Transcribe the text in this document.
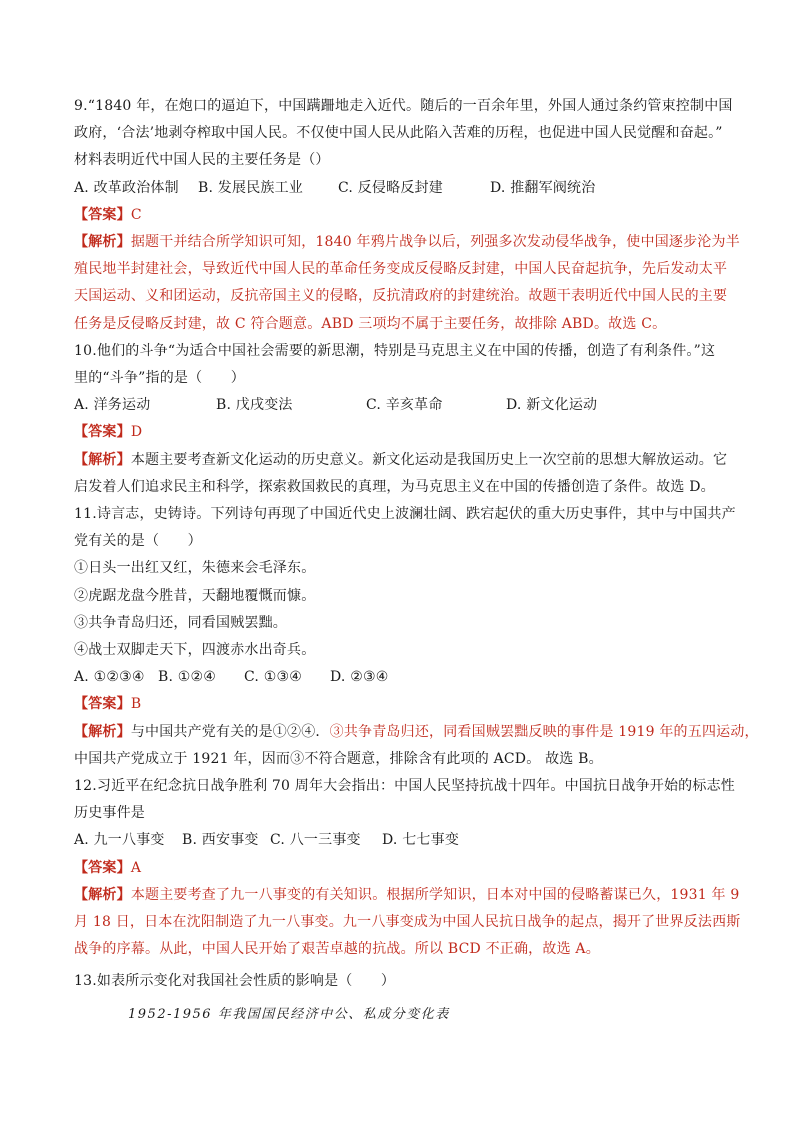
9.“1840 年，在炮口的逼迫下，中国蹒跚地走入近代。随后的一百余年里，外国人通过条约管束控制中国
政府，‘合法’地剥夺榨取中国人民。不仅使中国人民从此陷入苦难的历程，也促进中国人民觉醒和奋起。”
材料表明近代中国人民的主要任务是（）
A. 改革政治体制 B. 发展民族工业	C. 反侵略反封建	D. 推翻军阀统治
【答案】C
【解析】据题干并结合所学知识可知，1840 年鸦片战争以后，列强多次发动侵华战争，使中国逐步沦为半
殖民地半封建社会，导致近代中国人民的革命任务变成反侵略反封建，中国人民奋起抗争，先后发动太平
天国运动、义和团运动，反抗帝国主义的侵略，反抗清政府的封建统治。故题干表明近代中国人民的主要
任务是反侵略反封建，故 C 符合题意。ABD 三项均不属于主要任务，故排除 ABD。故选 C。
10.他们的斗争“为适合中国社会需要的新思潮，特别是马克思主义在中国的传播，创造了有利条件。”这
里的“斗争”指的是（　　）
A. 洋务运动	B. 戊戌变法	C. 辛亥革命	D. 新文化运动
【答案】D
【解析】本题主要考查新文化运动的历史意义。新文化运动是我国历史上一次空前的思想大解放运动。它
启发着人们追求民主和科学，探索救国救民的真理，为马克思主义在中国的传播创造了条件。故选 D。
11.诗言志，史铸诗。下列诗句再现了中国近代史上波澜壮阔、跌宕起伏的重大历史事件，其中与中国共产
党有关的是（　　）
①日头一出红又红，朱德来会毛泽东。
②虎踞龙盘今胜昔，天翻地覆慨而慷。
③共争青岛归还，同看国贼罢黜。
④战士双脚走天下，四渡赤水出奇兵。
A. ①②③④ B. ①②④ C. ①③④ D. ②③④
【答案】B
【解析】与中国共产党有关的是①②④．③共争青岛归还，同看国贼罢黜反映的事件是 1919 年的五四运动，
中国共产党成立于 1921 年，因而③不符合题意，排除含有此项的 ACD。 故选 B。
12.习近平在纪念抗日战争胜利 70 周年大会指出：中国人民坚持抗战十四年。中国抗日战争开始的标志性
历史事件是
A. 九一八事变 B. 西安事变 C. 八一三事变 D. 七七事变
【答案】A
【解析】本题主要考查了九一八事变的有关知识。根据所学知识，日本对中国的侵略蓄谋已久，1931 年 9
月 18 日，日本在沈阳制造了九一八事变。九一八事变成为中国人民抗日战争的起点，揭开了世界反法西斯
战争的序幕。从此，中国人民开始了艰苦卓越的抗战。所以 BCD 不正确，故选 A。
13.如表所示变化对我国社会性质的影响是（　　）
1952-1956 年我国国民经济中公、私成分变化表
